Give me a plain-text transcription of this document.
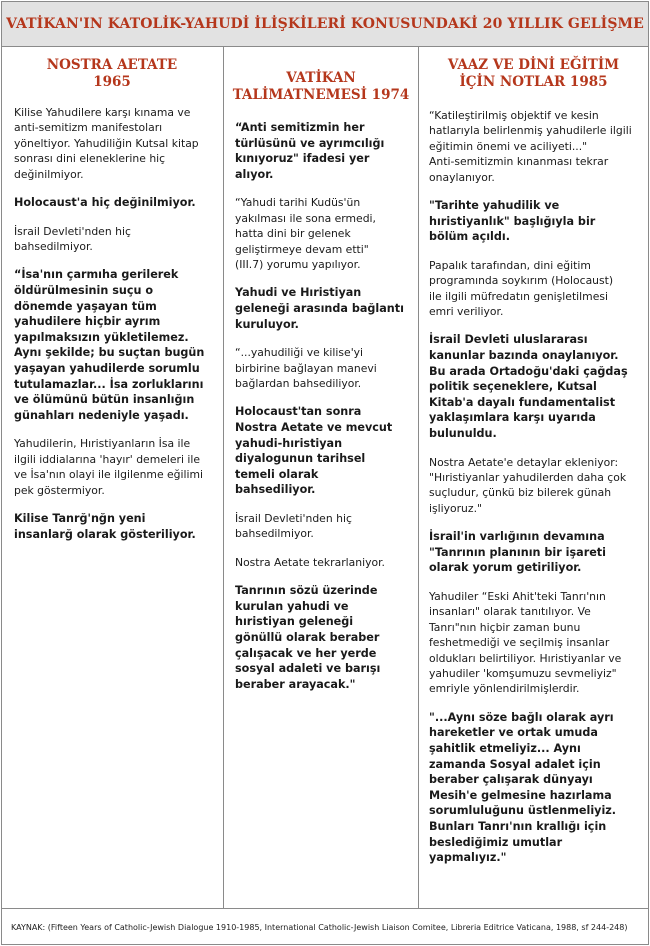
VATİKAN'IN KATOLİK-YAHUDİ İLİŞKİLERİ KONUSUNDAKİ 20 YILLIK GELİŞME
NOSTRA AETATE
1965
Kilise Yahudilere karşı kınama ve
anti-semitizm manifestoları
yöneltiyor. Yahudiliğin Kutsal kitap
sonrası dini eleneklerine hiç
değinilmiyor.
Holocaust'a hiç değinilmiyor.
İsrail Devleti'nden hiç
bahsedilmiyor.
“İsa'nın çarmıha gerilerek
öldürülmesinin suçu o
dönemde yaşayan tüm
yahudilere hiçbir ayrım
yapılmaksızın yükletilemez.
Aynı şekilde; bu suçtan bugün
yaşayan yahudilerde sorumlu
tutulamazlar... İsa zorluklarını
ve ölümünü bütün insanlığın
günahları nedeniyle yaşadı.
Yahudilerin, Hıristiyanların İsa ile
ilgili iddialarına 'hayır' demeleri ile
ve İsa'nın olayi ile ilgilenme eğilimi
pek göstermiyor.
Kilise Tanrğ'nğn yeni
insanlarğ olarak gösteriliyor.
VATİKAN
TALİMATNEMESİ 1974
“Anti semitizmin her
türlüsünü ve ayrımcılığı
kınıyoruz" ifadesi yer
alıyor.
“Yahudi tarihi Kudüs'ün
yakılması ile sona ermedi,
hatta dini bir gelenek
geliştirmeye devam etti"
(III.7) yorumu yapılıyor.
Yahudi ve Hıristiyan
geleneği arasında bağlantı
kuruluyor.
“...yahudiliği ve kilise'yi
birbirine bağlayan manevi
bağlardan bahsediliyor.
Holocaust'tan sonra
Nostra Aetate ve mevcut
yahudi-hıristiyan
diyalogunun tarihsel
temeli olarak
bahsediliyor.
İsrail Devleti'nden hiç
bahsedilmiyor.
Nostra Aetate tekrarlaniyor.
Tanrının sözü üzerinde
kurulan yahudi ve
hıristiyan geleneği
gönüllü olarak beraber
çalışacak ve her yerde
sosyal adaleti ve barışı
beraber arayacak."
VAAZ VE DİNİ EĞİTİM
İÇİN NOTLAR 1985
“Katileştirilmiş objektif ve kesin
hatlarıyla belirlenmiş yahudilerle ilgili
eğitimin önemi ve aciliyeti..."
Anti-semitizmin kınanması tekrar
onaylanıyor.
"Tarihte yahudilik ve
hıristiyanlık" başlığıyla bir
bölüm açıldı.
Papalık tarafından, dini eğitim
programında soykırım (Holocaust)
ile ilgili müfredatın genişletilmesi
emri veriliyor.
İsrail Devleti uluslararası
kanunlar bazında onaylanıyor.
Bu arada Ortadoğu'daki çağdaş
politik seçeneklere, Kutsal
Kitab'a dayalı fundamentalist
yaklaşımlara karşı uyarıda
bulunuldu.
Nostra Aetate'e detaylar ekleniyor:
"Hıristiyanlar yahudilerden daha çok
suçludur, çünkü biz bilerek günah
işliyoruz."
İsrail'in varlığının devamına
"Tanrının planının bir işareti
olarak yorum getiriliyor.
Yahudiler “Eski Ahit'teki Tanrı'nın
insanları" olarak tanıtılıyor. Ve
Tanrı"nın hiçbir zaman bunu
feshetmediği ve seçilmiş insanlar
oldukları belirtiliyor. Hıristiyanlar ve
yahudiler 'komşumuzu sevmeliyiz"
emriyle yönlendirilmişlerdir.
"...Aynı söze bağlı olarak ayrı
hareketler ve ortak umuda
şahitlik etmeliyiz... Aynı
zamanda Sosyal adalet için
beraber çalışarak dünyayı
Mesih'e gelmesine hazırlama
sorumluluğunu üstlenmeliyiz.
Bunları Tanrı'nın krallığı için
beslediğimiz umutlar
yapmalıyız."
KAYNAK: (Fifteen Years of Catholic-Jewish Dialogue 1910-1985, International Catholic-Jewish Liaison Comitee, Libreria Editrice Vaticana, 1988, sf 244-248)
